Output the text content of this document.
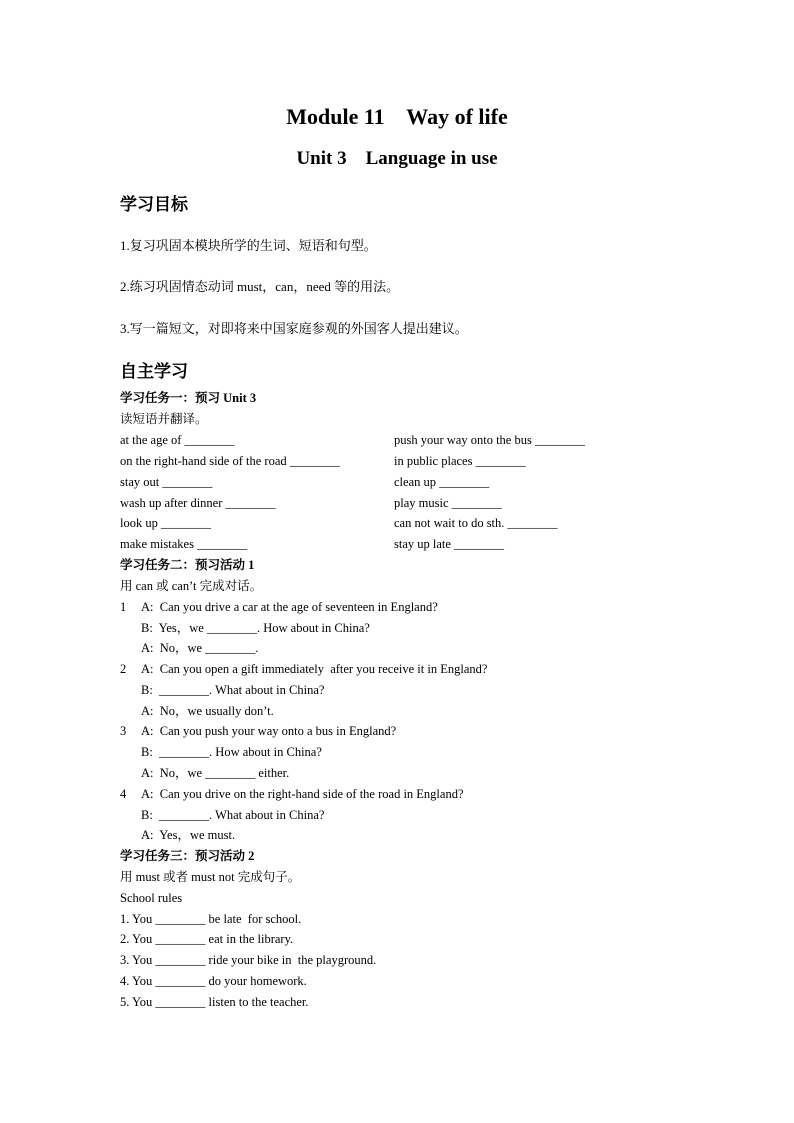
Module 11    Way of life
Unit 3    Language in use
学习目标
1.复习巩固本模块所学的生词、短语和句型。
2.练习巩固情态动词 must，can，need 等的用法。
3.写一篇短文，对即将来中国家庭参观的外国客人提出建议。
自主学习
学习任务一：预习 Unit 3
读短语并翻译。
at the age of ________	push your way onto the bus ________
on the right-hand side of the road ________	in public places ________
stay out ________	clean up ________
wash up after dinner ________	play music ________
look up ________	can not wait to do sth. ________
make mistakes ________	stay up late ________
学习任务二：预习活动 1
用 can 或 can’t 完成对话。
1 A:  Can you drive a car at the age of seventeen in England?
B:  Yes，we ________. How about in China?
A:  No，we ________.
2 A:  Can you open a gift immediately  after you receive it in England?
B:  ________. What about in China?
A:  No，we usually don’t.
3 A:  Can you push your way onto a bus in England?
B:  ________. How about in China?
A:  No，we ________ either.
4 A:  Can you drive on the right-hand side of the road in England?
B:  ________. What about in China?
A:  Yes，we must.
学习任务三：预习活动 2
用 must 或者 must not 完成句子。
School rules
1. You ________ be late  for school.
2. You ________ eat in the library.
3. You ________ ride your bike in  the playground.
4. You ________ do your homework.
5. You ________ listen to the teacher.
